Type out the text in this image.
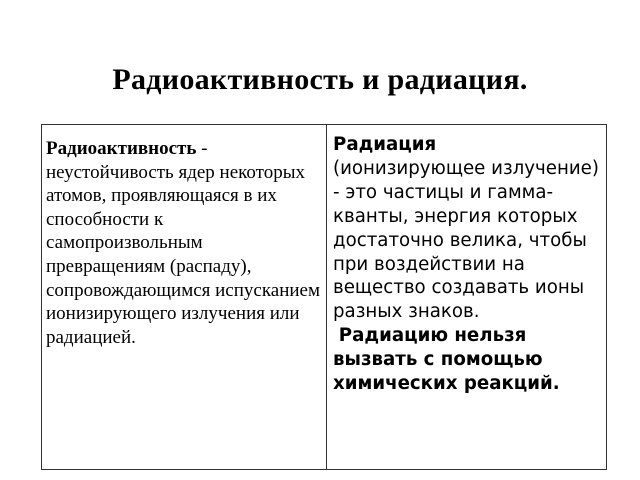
Радиоактивность и радиация.
Радиоактивность - неустойчивость ядер некоторых атомов, проявляющаяся в их способности к самопроизвольным превращениям (распаду), сопровождающимся испусканием ионизирующего излучения или радиацией.
Радиация
(ионизирующее излучение) - это частицы и гамма-кванты, энергия которых достаточно велика, чтобы при воздействии на вещество создавать ионы разных знаков.
Радиацию нельзя вызвать с помощью химических реакций.
